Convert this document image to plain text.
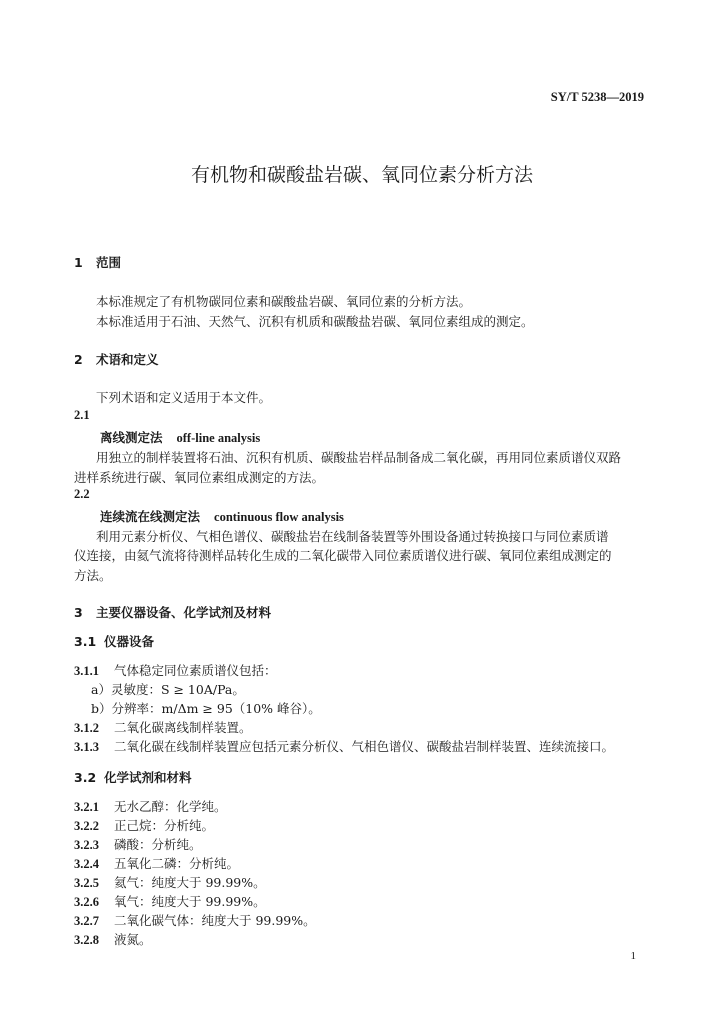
SY/T 5238—2019
有机物和碳酸盐岩碳、氧同位素分析方法
1 范围
本标准规定了有机物碳同位素和碳酸盐岩碳、氧同位素的分析方法。
本标准适用于石油、天然气、沉积有机质和碳酸盐岩碳、氧同位素组成的测定。
2 术语和定义
下列术语和定义适用于本文件。
2.1
离线测定法 off-line analysis
用独立的制样装置将石油、沉积有机质、碳酸盐岩样品制备成二氧化碳，再用同位素质谱仪双路
进样系统进行碳、氧同位素组成测定的方法。
2.2
连续流在线测定法 continuous flow analysis
利用元素分析仪、气相色谱仪、碳酸盐岩在线制备装置等外围设备通过转换接口与同位素质谱
仪连接，由氦气流将待测样品转化生成的二氧化碳带入同位素质谱仪进行碳、氧同位素组成测定的
方法。
3 主要仪器设备、化学试剂及材料
3.1 仪器设备
3.1.1 气体稳定同位素质谱仪包括：
a）灵敏度：S ≥ 10A/Pa。
b）分辨率：m/Δm ≥ 95（10% 峰谷）。
3.1.2 二氧化碳离线制样装置。
3.1.3 二氧化碳在线制样装置应包括元素分析仪、气相色谱仪、碳酸盐岩制样装置、连续流接口。
3.2 化学试剂和材料
3.2.1 无水乙醇：化学纯。
3.2.2 正己烷：分析纯。
3.2.3 磷酸：分析纯。
3.2.4 五氧化二磷：分析纯。
3.2.5 氦气：纯度大于 99.99%。
3.2.6 氧气：纯度大于 99.99%。
3.2.7 二氧化碳气体：纯度大于 99.99%。
3.2.8 液氮。
1
